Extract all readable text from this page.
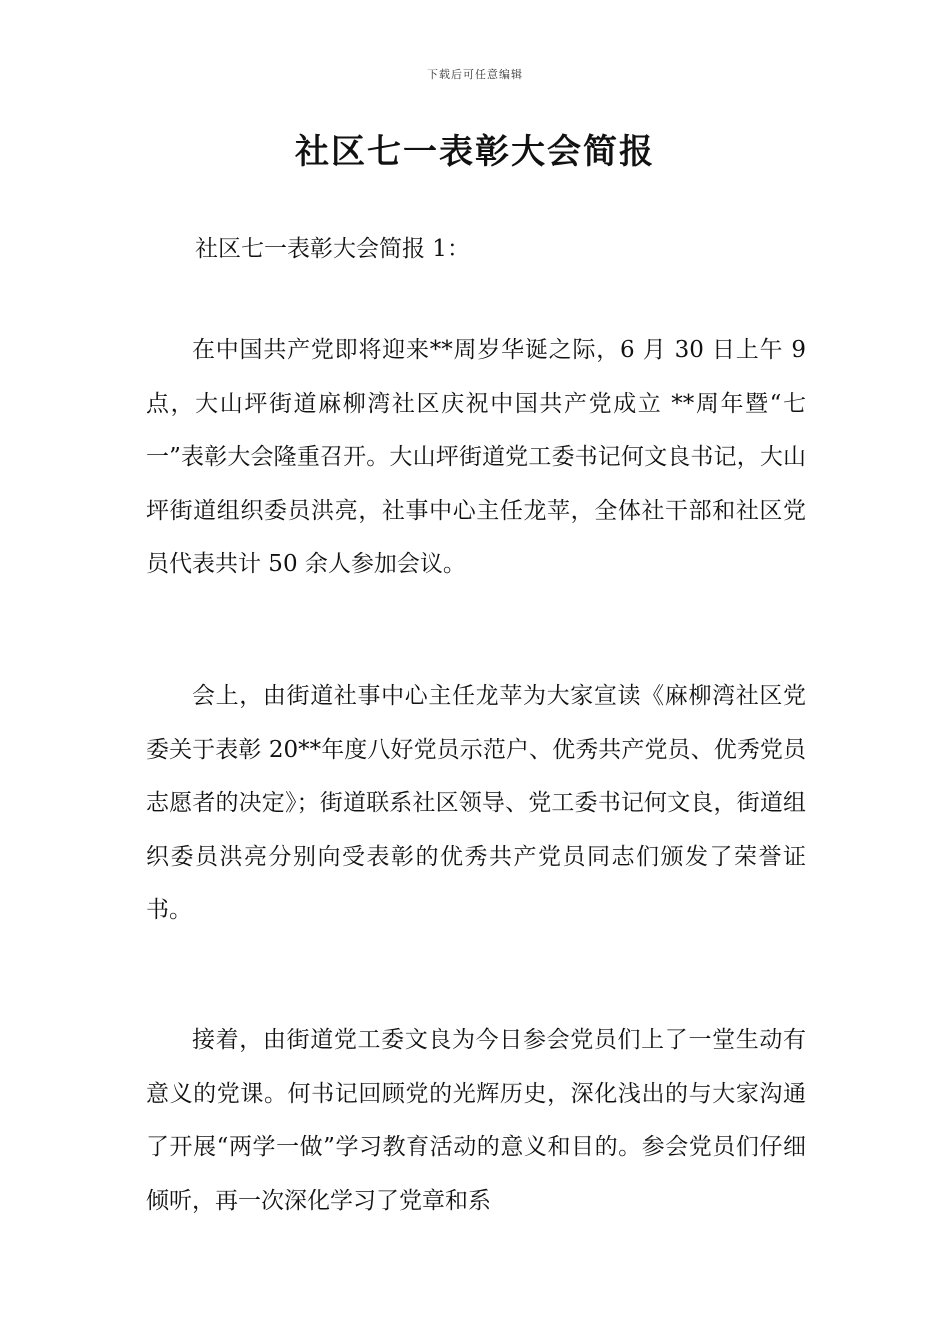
下载后可任意编辑
社区七一表彰大会简报

社区七一表彰大会简报 1：

在中国共产党即将迎来**周岁华诞之际，6 月 30 日上午 9 点，大山坪街道麻柳湾社区庆祝中国共产党成立 **周年暨“七一”表彰大会隆重召开。大山坪街道党工委书记何文良书记，大山坪街道组织委员洪亮，社事中心主任龙苹，全体社干部和社区党员代表共计 50 余人参加会议。

会上，由街道社事中心主任龙苹为大家宣读《麻柳湾社区党委关于表彰 20**年度八好党员示范户、优秀共产党员、优秀党员志愿者的决定》；街道联系社区领导、党工委书记何文良，街道组织委员洪亮分别向受表彰的优秀共产党员同志们颁发了荣誉证书。

接着，由街道党工委文良为今日参会党员们上了一堂生动有意义的党课。何书记回顾党的光辉历史，深化浅出的与大家沟通了开展“两学一做”学习教育活动的意义和目的。参会党员们仔细倾听，再一次深化学习了党章和系
